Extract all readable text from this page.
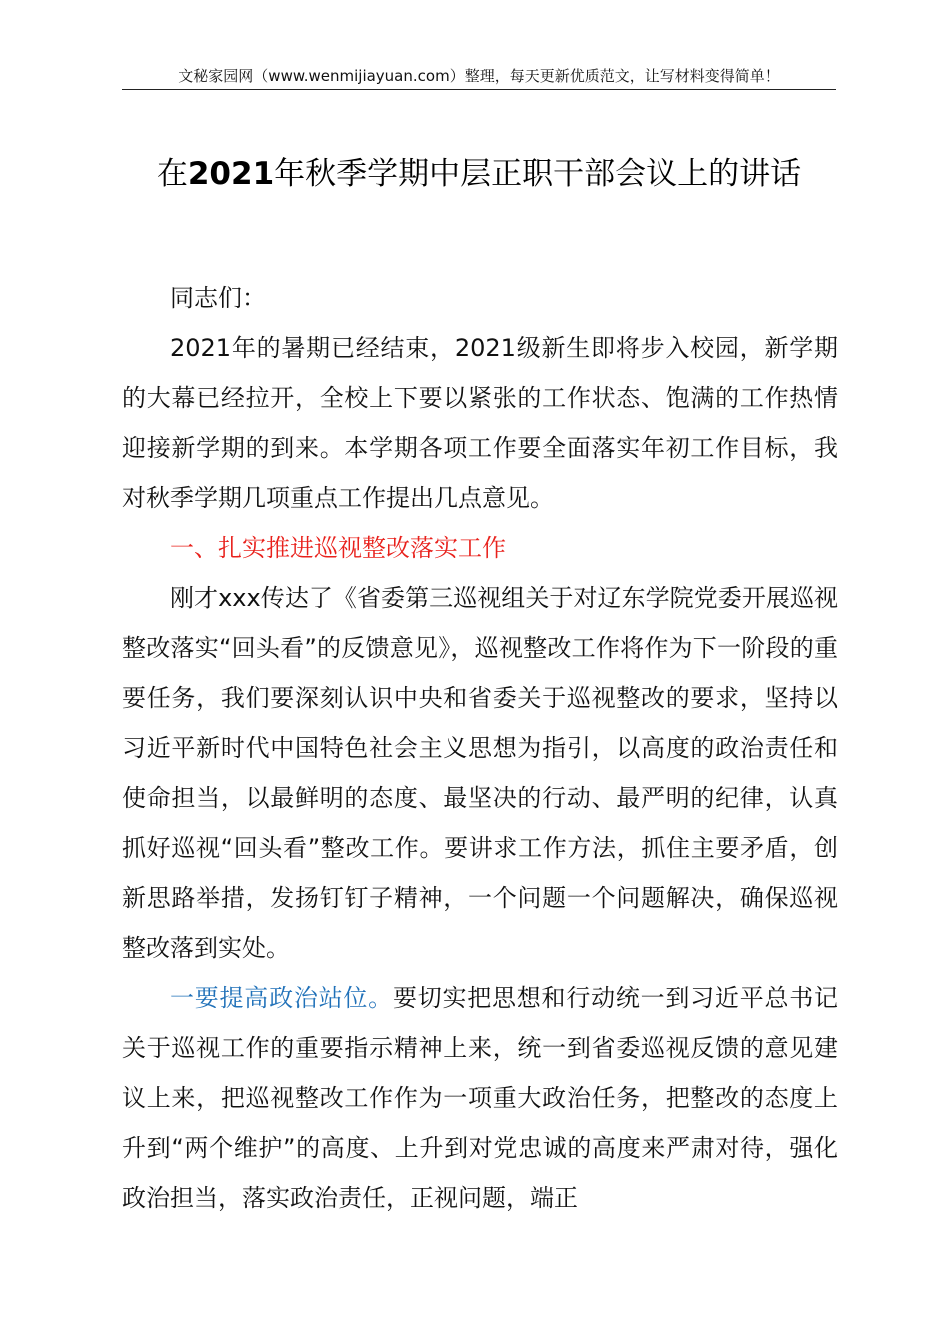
文秘家园网（www.wenmijiayuan.com）整理，每天更新优质范文，让写材料变得简单！
在2021年秋季学期中层正职干部会议上的讲话

同志们：

2021年的暑期已经结束，2021级新生即将步入校园，新学期的大幕已经拉开，全校上下要以紧张的工作状态、饱满的工作热情迎接新学期的到来。本学期各项工作要全面落实年初工作目标，我对秋季学期几项重点工作提出几点意见。

一、扎实推进巡视整改落实工作

刚才xxx传达了《省委第三巡视组关于对辽东学院党委开展巡视整改落实“回头看”的反馈意见》，巡视整改工作将作为下一阶段的重要任务，我们要深刻认识中央和省委关于巡视整改的要求，坚持以习近平新时代中国特色社会主义思想为指引，以高度的政治责任和使命担当，以最鲜明的态度、最坚决的行动、最严明的纪律，认真抓好巡视“回头看”整改工作。要讲求工作方法，抓住主要矛盾，创新思路举措，发扬钉钉子精神，一个问题一个问题解决，确保巡视整改落到实处。

一要提高政治站位。要切实把思想和行动统一到习近平总书记关于巡视工作的重要指示精神上来，统一到省委巡视反馈的意见建议上来，把巡视整改工作作为一项重大政治任务，把整改的态度上升到“两个维护”的高度、上升到对党忠诚的高度来严肃对待，强化政治担当，落实政治责任，正视问题，端正
